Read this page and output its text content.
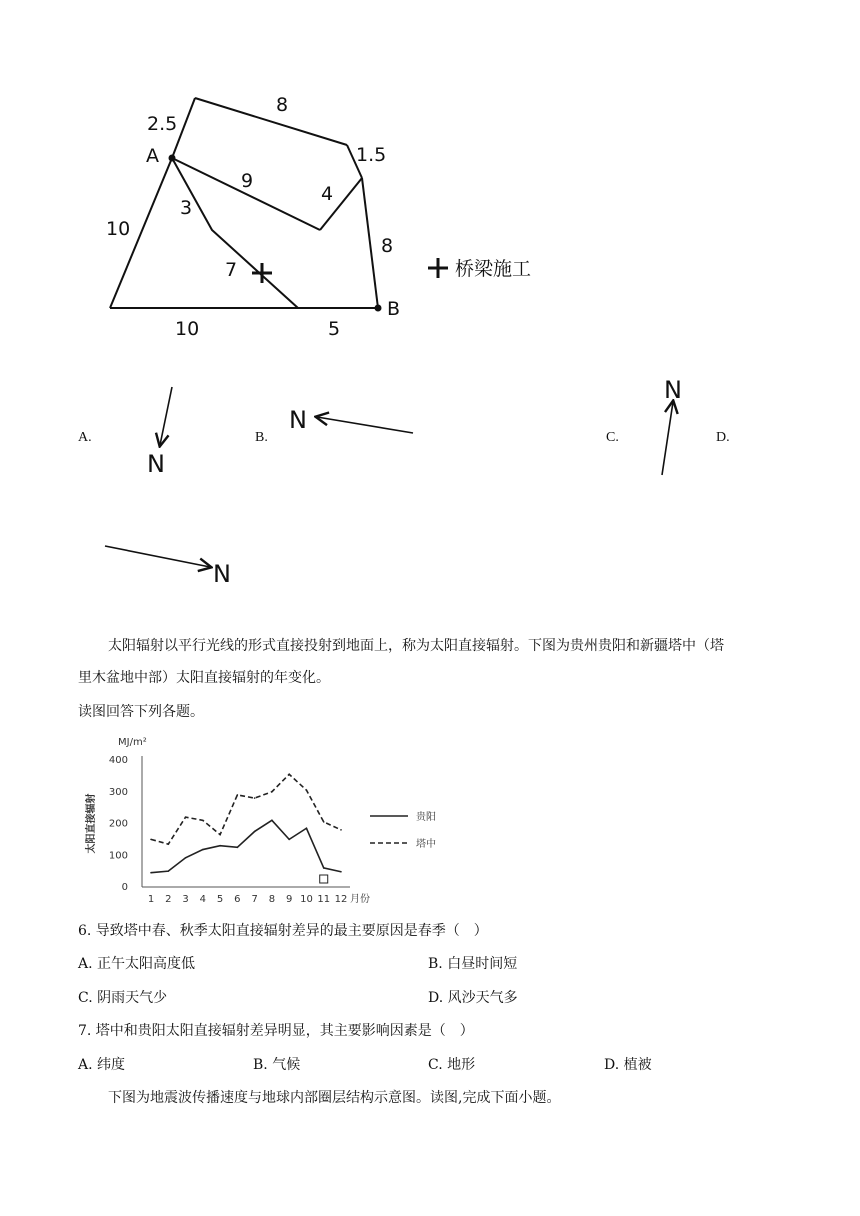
A
B
2.5
8
1.5
9
4
3
10
8
7
10	5
桥梁施工
A.	B.	C.	D.
N
N
N
N
太阳辐射以平行光线的形式直接投射到地面上，称为太阳直接辐射。下图为贵州贵阳和新疆塔中（塔
里木盆地中部）太阳直接辐射的年变化。
读图回答下列各题。
0
100
200
300
400
1 2 3 4 5 6 7 8 9 10 11 12 月份
MJ/m²
太阳直接辐射	贵阳
塔中
6. 导致塔中春、秋季太阳直接辐射差异的最主要原因是春季（　）
A. 正午太阳高度低	B. 白昼时间短
C. 阴雨天气少	D. 风沙天气多
7. 塔中和贵阳太阳直接辐射差异明显，其主要影响因素是（　）
A. 纬度	B. 气候	C. 地形	D. 植被
下图为地震波传播速度与地球内部圈层结构示意图。读图,完成下面小题。
